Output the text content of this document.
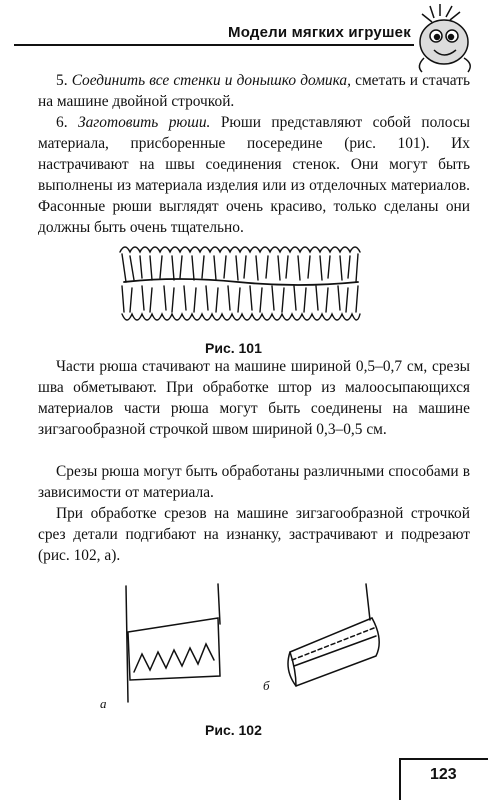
Модели мягких игрушек

5. Соединить все стенки и донышко домика, сметать и стачать на машине двойной строчкой.

6. Заготовить рюши. Рюши представляют собой полосы материала, присборенные посередине (рис. 101). Их настрачивают на швы соединения стенок. Они могут быть выполнены из материала изделия или из отделочных материалов. Фасонные рюши выглядят очень красиво, только сделаны они должны быть очень тщательно.

Рис. 101

Части рюша стачивают на машине шириной 0,5–0,7 см, срезы шва обметывают. При обработке штор из малоосыпающихся материалов части рюша могут быть соединены на машине зигзагообразной строчкой швом шириной 0,3–0,5 см.

Срезы рюша могут быть обработаны различными способами в зависимости от материала.

При обработке срезов на машине зигзагообразной строчкой срез детали подгибают на изнанку, застрачивают и подрезают (рис. 102, а).

а
б
Рис. 102
123
